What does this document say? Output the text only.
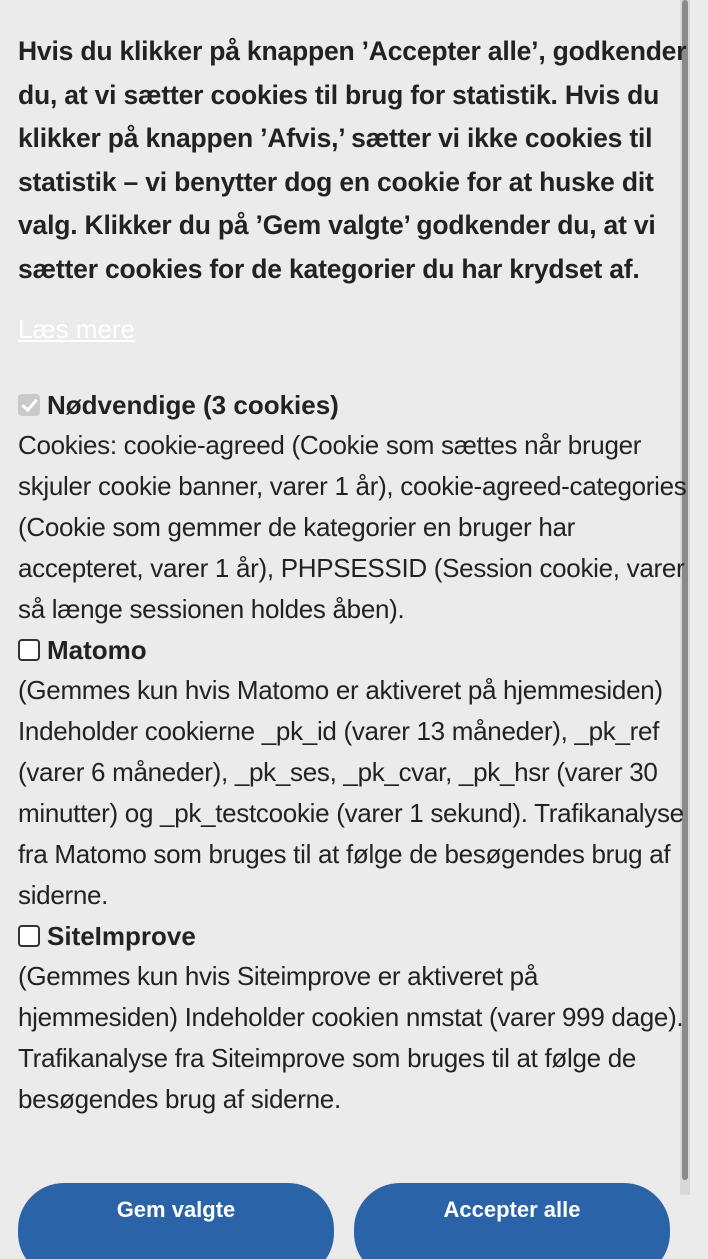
Hvis du klikker på knappen ’Accepter alle’, godkender du, at vi sætter cookies til brug for statistik. Hvis du klikker på knappen ’Afvis,’ sætter vi ikke cookies til statistik – vi benytter dog en cookie for at huske dit valg. Klikker du på ’Gem valgte’ godkender du, at vi sætter cookies for de kategorier du har krydset af.

Læs mere
Nødvendige (3 cookies)

Cookies: cookie-agreed (Cookie som sættes når bruger skjuler cookie banner, varer 1 år), cookie-agreed-categories (Cookie som gemmer de kategorier en bruger har accepteret, varer 1 år), PHPSESSID (Session cookie, varer så længe sessionen holdes åben).

Matomo

(Gemmes kun hvis Matomo er aktiveret på hjemmesiden) Indeholder cookierne _pk_id (varer 13 måneder), _pk_ref (varer 6 måneder), _pk_ses, _pk_cvar, _pk_hsr (varer 30 minutter) og _pk_testcookie (varer 1 sekund). Trafikanalyse fra Matomo som bruges til at følge de besøgendes brug af siderne.

SiteImprove

(Gemmes kun hvis Siteimprove er aktiveret på hjemmesiden) Indeholder cookien nmstat (varer 999 dage). Trafikanalyse fra Siteimprove som bruges til at følge de besøgendes brug af siderne.

Gem valgte	Accepter alle
